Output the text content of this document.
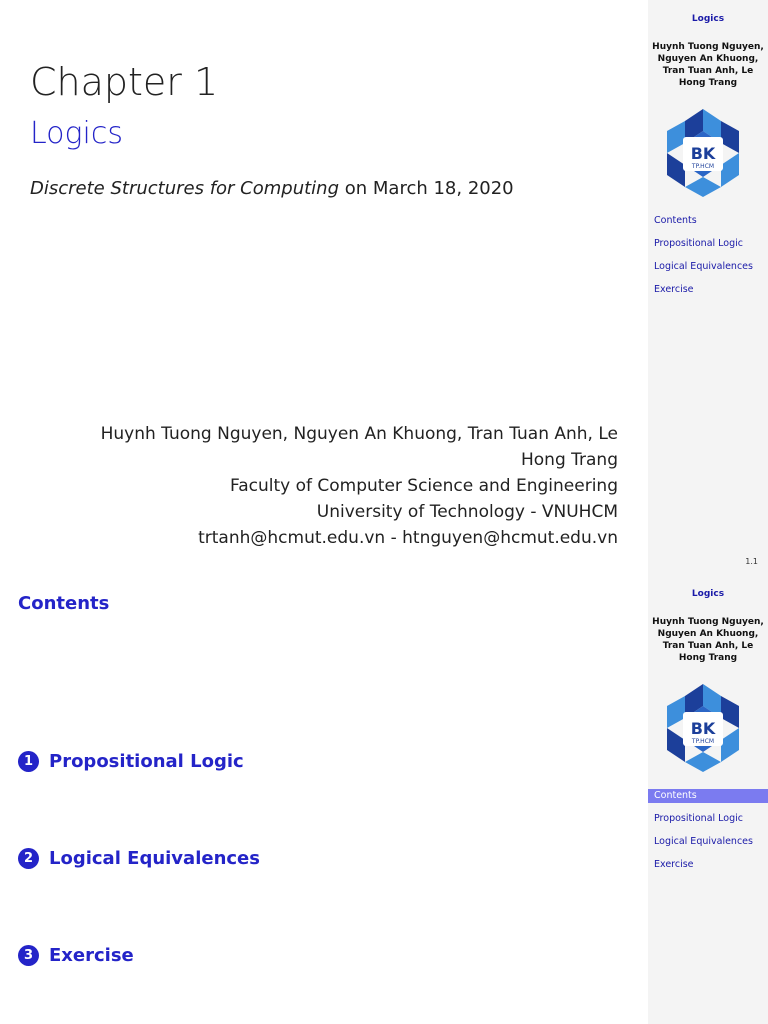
Chapter 1
Logics
Discrete Structures for Computing on March 18, 2020
Huynh Tuong Nguyen, Nguyen An Khuong, Tran Tuan Anh, Le
Hong Trang
Faculty of Computer Science and Engineering
University of Technology - VNUHCM
trtanh@hcmut.edu.vn - htnguyen@hcmut.edu.vn
Logics
Huynh Tuong Nguyen, Nguyen An Khuong, Tran Tuan Anh, Le Hong Trang
BK
TP.HCM
Contents
Propositional Logic
Logical Equivalences
Exercise
1.1
Contents
1 Propositional Logic
2 Logical Equivalences
3 Exercise
Logics
Huynh Tuong Nguyen, Nguyen An Khuong, Tran Tuan Anh, Le Hong Trang
BK
TP.HCM
Contents
Propositional Logic
Logical Equivalences
Exercise
